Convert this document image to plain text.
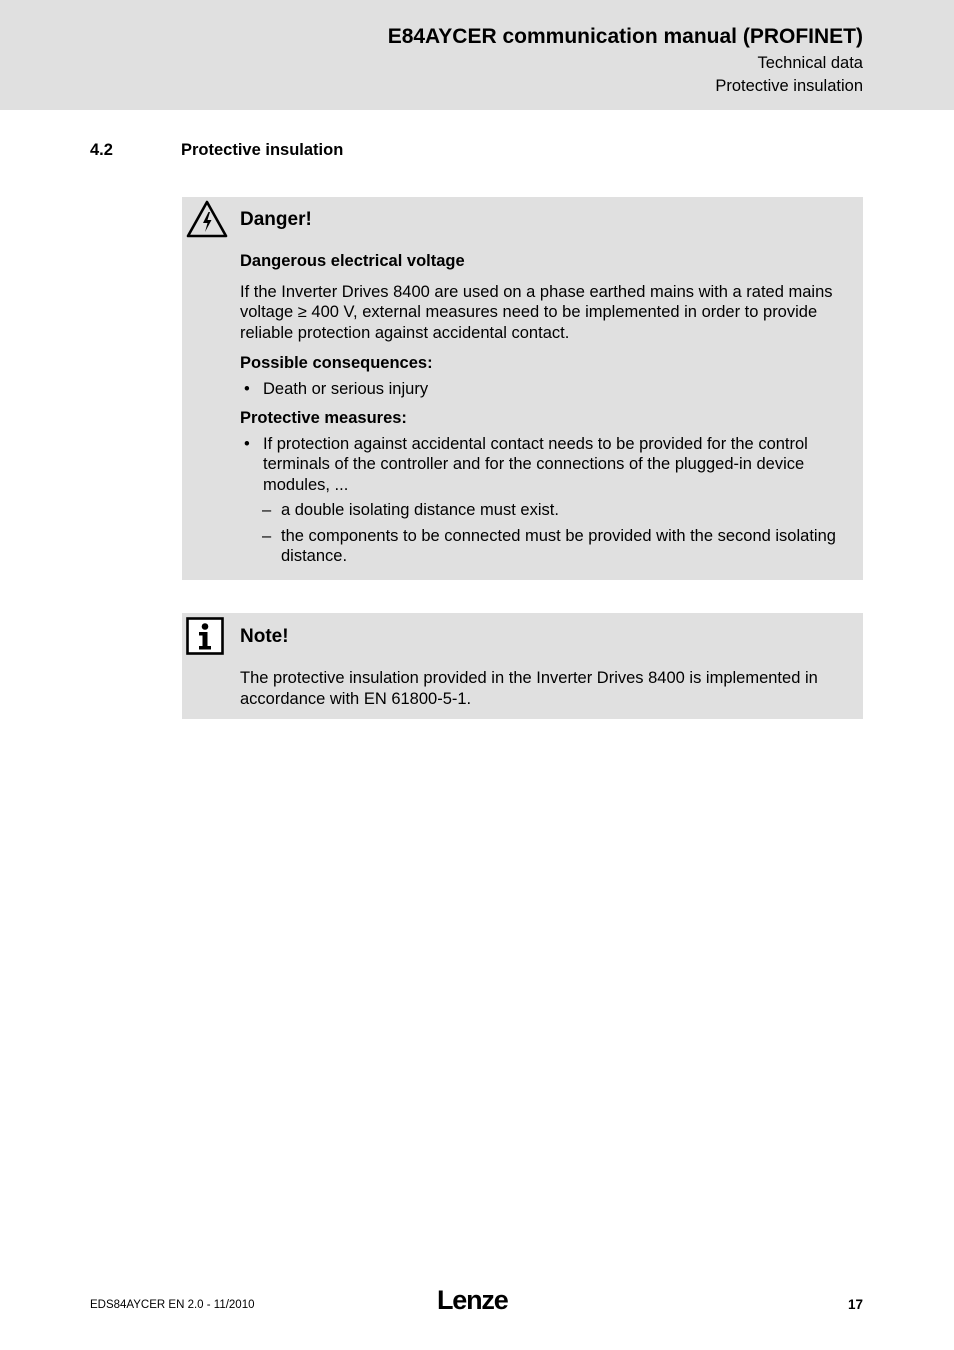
E84AYCER communication manual (PROFINET)
Technical data
Protective insulation
4.2	Protective insulation
Danger!

Dangerous electrical voltage

If the Inverter Drives 8400 are used on a phase earthed mains with a rated mains voltage ≥ 400 V, external measures need to be implemented in order to provide reliable protection against accidental contact.

Possible consequences:

• Death or serious injury

Protective measures:

• If protection against accidental contact needs to be provided for the control terminals of the controller and for the connections of the plugged-in device modules, ...
– a double isolating distance must exist.
– the components to be connected must be provided with the second isolating distance.
Note!

The protective insulation provided in the Inverter Drives 8400 is implemented in accordance with EN 61800-5-1.

EDS84AYCER EN 2.0 - 11/2010	Lenze	17
